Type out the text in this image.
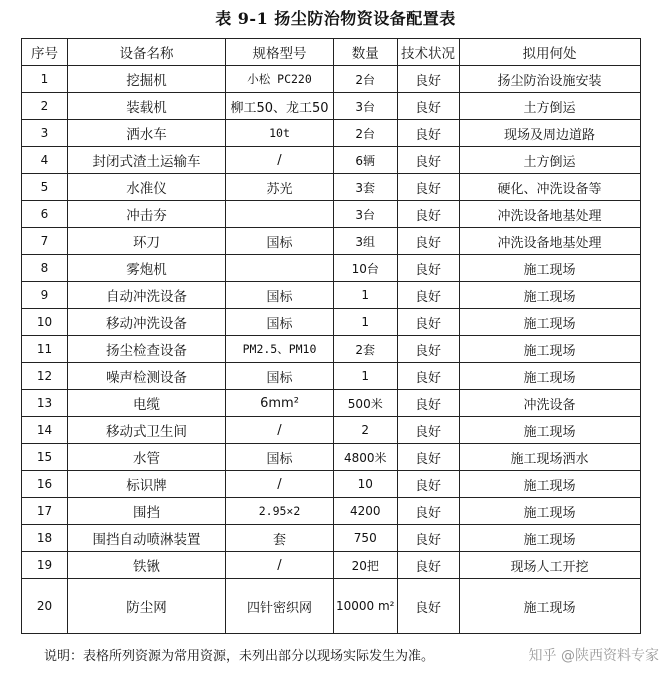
表 9-1 扬尘防治物资设备配置表
序号	设备名称	规格型号	数量	技术状况	拟用何处
1	挖掘机	小松 PC220	2台	良好	扬尘防治设施安装
2	装载机	柳工50、龙工50	3台	良好	土方倒运
3	洒水车	10t	2台	良好	现场及周边道路
4	封闭式渣土运输车	/	6辆	良好	土方倒运
5	水准仪	苏光	3套	良好	硬化、冲洗设备等
6	冲击夯		3台	良好	冲洗设备地基处理
7	环刀	国标	3组	良好	冲洗设备地基处理
8	雾炮机		10台	良好	施工现场
9	自动冲洗设备	国标	1	良好	施工现场
10	移动冲洗设备	国标	1	良好	施工现场
11	扬尘检查设备	PM2.5、PM10	2套	良好	施工现场
12	噪声检测设备	国标	1	良好	施工现场
13	电缆	6mm²	500米	良好	冲洗设备
14	移动式卫生间	/	2	良好	施工现场
15	水管	国标	4800米	良好	施工现场洒水
16	标识牌	/	10	良好	施工现场
17	围挡	2.95×2	4200	良好	施工现场
18	围挡自动喷淋装置	套	750	良好	施工现场
19	铁锹	/	20把	良好	现场人工开挖
20	防尘网	四针密织网	10000 m²	良好	施工现场
说明：表格所列资源为常用资源，未列出部分以现场实际发生为准。	知乎 @陕西资料专家
